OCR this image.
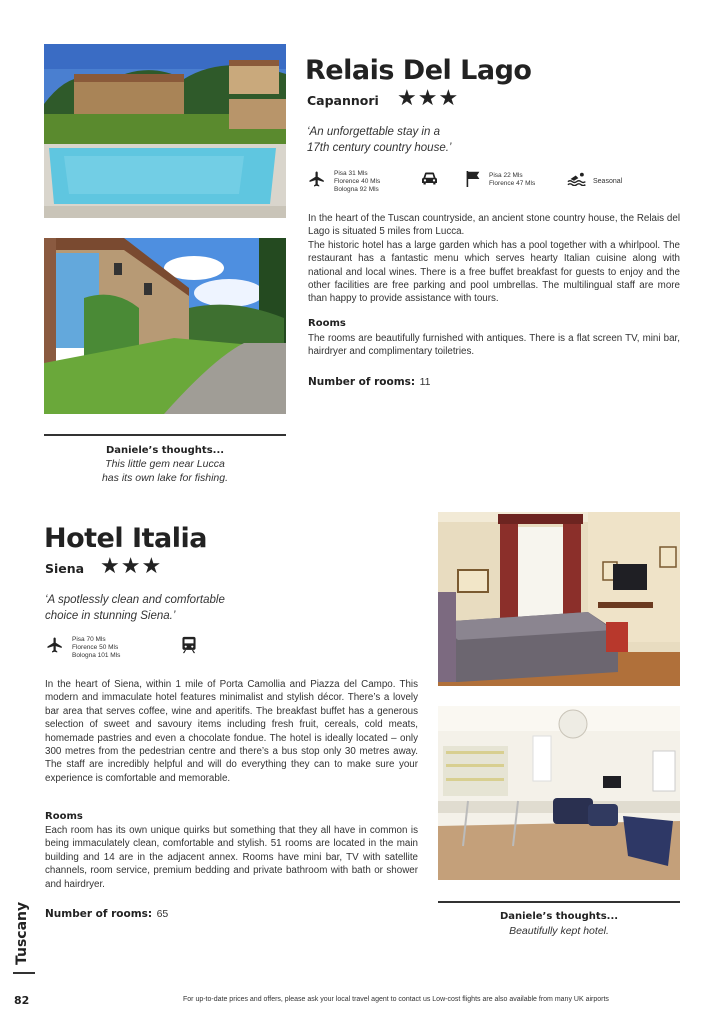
Relais Del Lago
Capannori ★★★
‘An unforgettable stay in a
17th century country house.’
Pisa 31 Mls
Florence 40 Mls
Bologna 92 Mls
Pisa 22 Mls
Florence 47 Mls	Seasonal

In the heart of the Tuscan countryside, an ancient stone country house, the Relais del Lago is situated 5 miles from Lucca.

The historic hotel has a large garden which has a pool together with a whirlpool. The restaurant has a fantastic menu which serves hearty Italian cuisine along with national and local wines. There is a free buffet breakfast for guests to enjoy and the other facilities are free parking and pool umbrellas. The multilingual staff are more than happy to provide assistance with tours.

Rooms
The rooms are beautifully furnished with antiques. There is a flat screen TV, mini bar, hairdryer and complimentary toiletries.
Number of rooms: 11
Daniele’s thoughts...
This little gem near Lucca
has its own lake for fishing.
Hotel Italia
Siena ★★★
‘A spotlessly clean and comfortable
choice in stunning Siena.’
Pisa 70 Mls
Florence 50 Mls
Bologna 101 Mls

In the heart of Siena, within 1 mile of Porta Camollia and Piazza del Campo. This modern and immaculate hotel features minimalist and stylish décor. There’s a lovely bar area that serves coffee, wine and aperitifs. The breakfast buffet has a generous selection of sweet and savoury items including fresh fruit, cereals, cold meats, homemade pastries and even a chocolate fondue. The hotel is ideally located – only 300 metres from the pedestrian centre and there’s a bus stop only 30 metres away. The staff are incredibly helpful and will do everything they can to make sure your experience is comfortable and memorable.

Rooms
Each room has its own unique quirks but something that they all have in common is being immaculately clean, comfortable and stylish. 51 rooms are located in the main building and 14 are in the adjacent annex. Rooms have mini bar, TV with satellite channels, room service, premium bedding and private bathroom with bath or shower and hairdryer.
Number of rooms: 65	Daniele’s thoughts...
Beautifully kept hotel.
Tuscany
82	For up-to-date prices and offers, please ask your local travel agent to contact us Low-cost flights are also available from many UK airports
